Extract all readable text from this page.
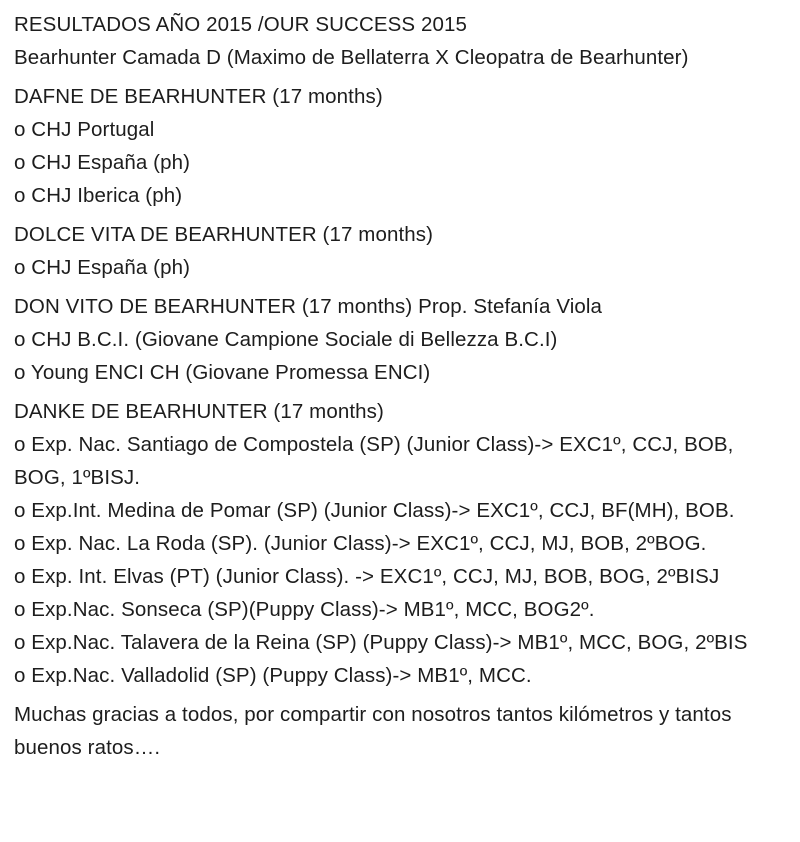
RESULTADOS AÑO 2015 /OUR SUCCESS 2015
Bearhunter Camada D (Maximo de Bellaterra X Cleopatra de Bearhunter)
DAFNE DE BEARHUNTER (17 months)
o CHJ Portugal
o CHJ España (ph)
o CHJ Iberica (ph)
DOLCE VITA DE BEARHUNTER (17 months)
o CHJ España (ph)
DON VITO DE BEARHUNTER (17 months) Prop. Stefanía Viola
o CHJ B.C.I. (Giovane Campione Sociale di Bellezza B.C.I)
o Young ENCI CH (Giovane Promessa ENCI)
DANKE DE BEARHUNTER (17 months)
o Exp. Nac. Santiago de Compostela (SP) (Junior Class)-> EXC1º, CCJ, BOB, BOG, 1ºBISJ.
o Exp.Int. Medina de Pomar (SP) (Junior Class)-> EXC1º, CCJ, BF(MH), BOB.
o Exp. Nac. La Roda (SP). (Junior Class)-> EXC1º, CCJ, MJ, BOB, 2ºBOG.
o Exp. Int. Elvas (PT) (Junior Class). -> EXC1º, CCJ, MJ, BOB, BOG, 2ºBISJ
o Exp.Nac. Sonseca (SP)(Puppy Class)-> MB1º, MCC, BOG2º.
o Exp.Nac. Talavera de la Reina (SP) (Puppy Class)-> MB1º, MCC, BOG, 2ºBIS
o Exp.Nac. Valladolid (SP) (Puppy Class)-> MB1º, MCC.
Muchas gracias a todos, por compartir con nosotros tantos kilómetros y tantos buenos ratos….
